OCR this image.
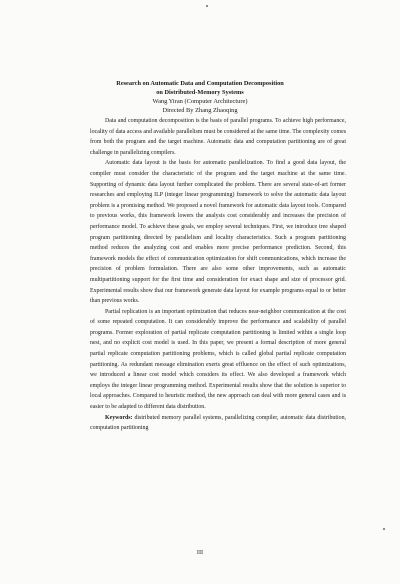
Research on Automatic Data and Computation Decomposition
on Distributed-Memory Systems
Wang Yiran (Computer Architecture)
Directed By Zhang Zhaoqing

Data and computation decomposition is the basis of parallel programs. To achieve high performance, locality of data access and available parallelism must be considered at the same time. The complexity comes from both the program and the target machine. Automatic data and computation partitioning are of great challenge in parallelizing compilers.

Automatic data layout is the basis for automatic parallelization. To find a good data layout, the compiler must consider the characteristic of the program and the target machine at the same time. Supporting of dynamic data layout further complicated the problem. There are several state-of-art former researches and employing ILP (integer linear programming) framework to solve the automatic data layout problem is a promising method. We proposed a novel framework for automatic data layout tools. Compared to previous works, this framework lowers the analysis cost considerably and increases the precision of performance model. To achieve these goals, we employ several techniques. First, we introduce tree shaped program partitioning directed by parallelism and locality characteristics. Such a program partitioning method reduces the analyzing cost and enables more precise performance prediction. Second, this framework models the effect of communication optimization for shift communications, which increase the precision of problem formulation. There are also some other improvements, such as automatic multipartitioning support for the first time and consideration for exact shape and size of processor grid. Experimental results show that our framework generate data layout for example programs equal to or better than previous works.

Partial replication is an important optimization that reduces near-neighbor communication at the cost of some repeated computation. It can considerably improve the performance and scalability of parallel programs. Former exploration of partial replicate computation partitioning is limited within a single loop nest, and no explicit cost model is used. In this paper, we present a formal description of more general partial replicate computation partitioning problems, which is called global partial replicate computation partitioning. As redundant message elimination exerts great effluence on the effect of such optimizations, we introduced a linear cost model which considers its effect. We also developed a framework which employs the integer linear programming method. Experimental results show that the solution is superior to local approaches. Compared to heuristic method, the new approach can deal with more general cases and is easier to be adapted to different data distribution.

Keywords: distributed memory parallel systems, parallelizing compiler, automatic data distribution, computation partitioning

III
